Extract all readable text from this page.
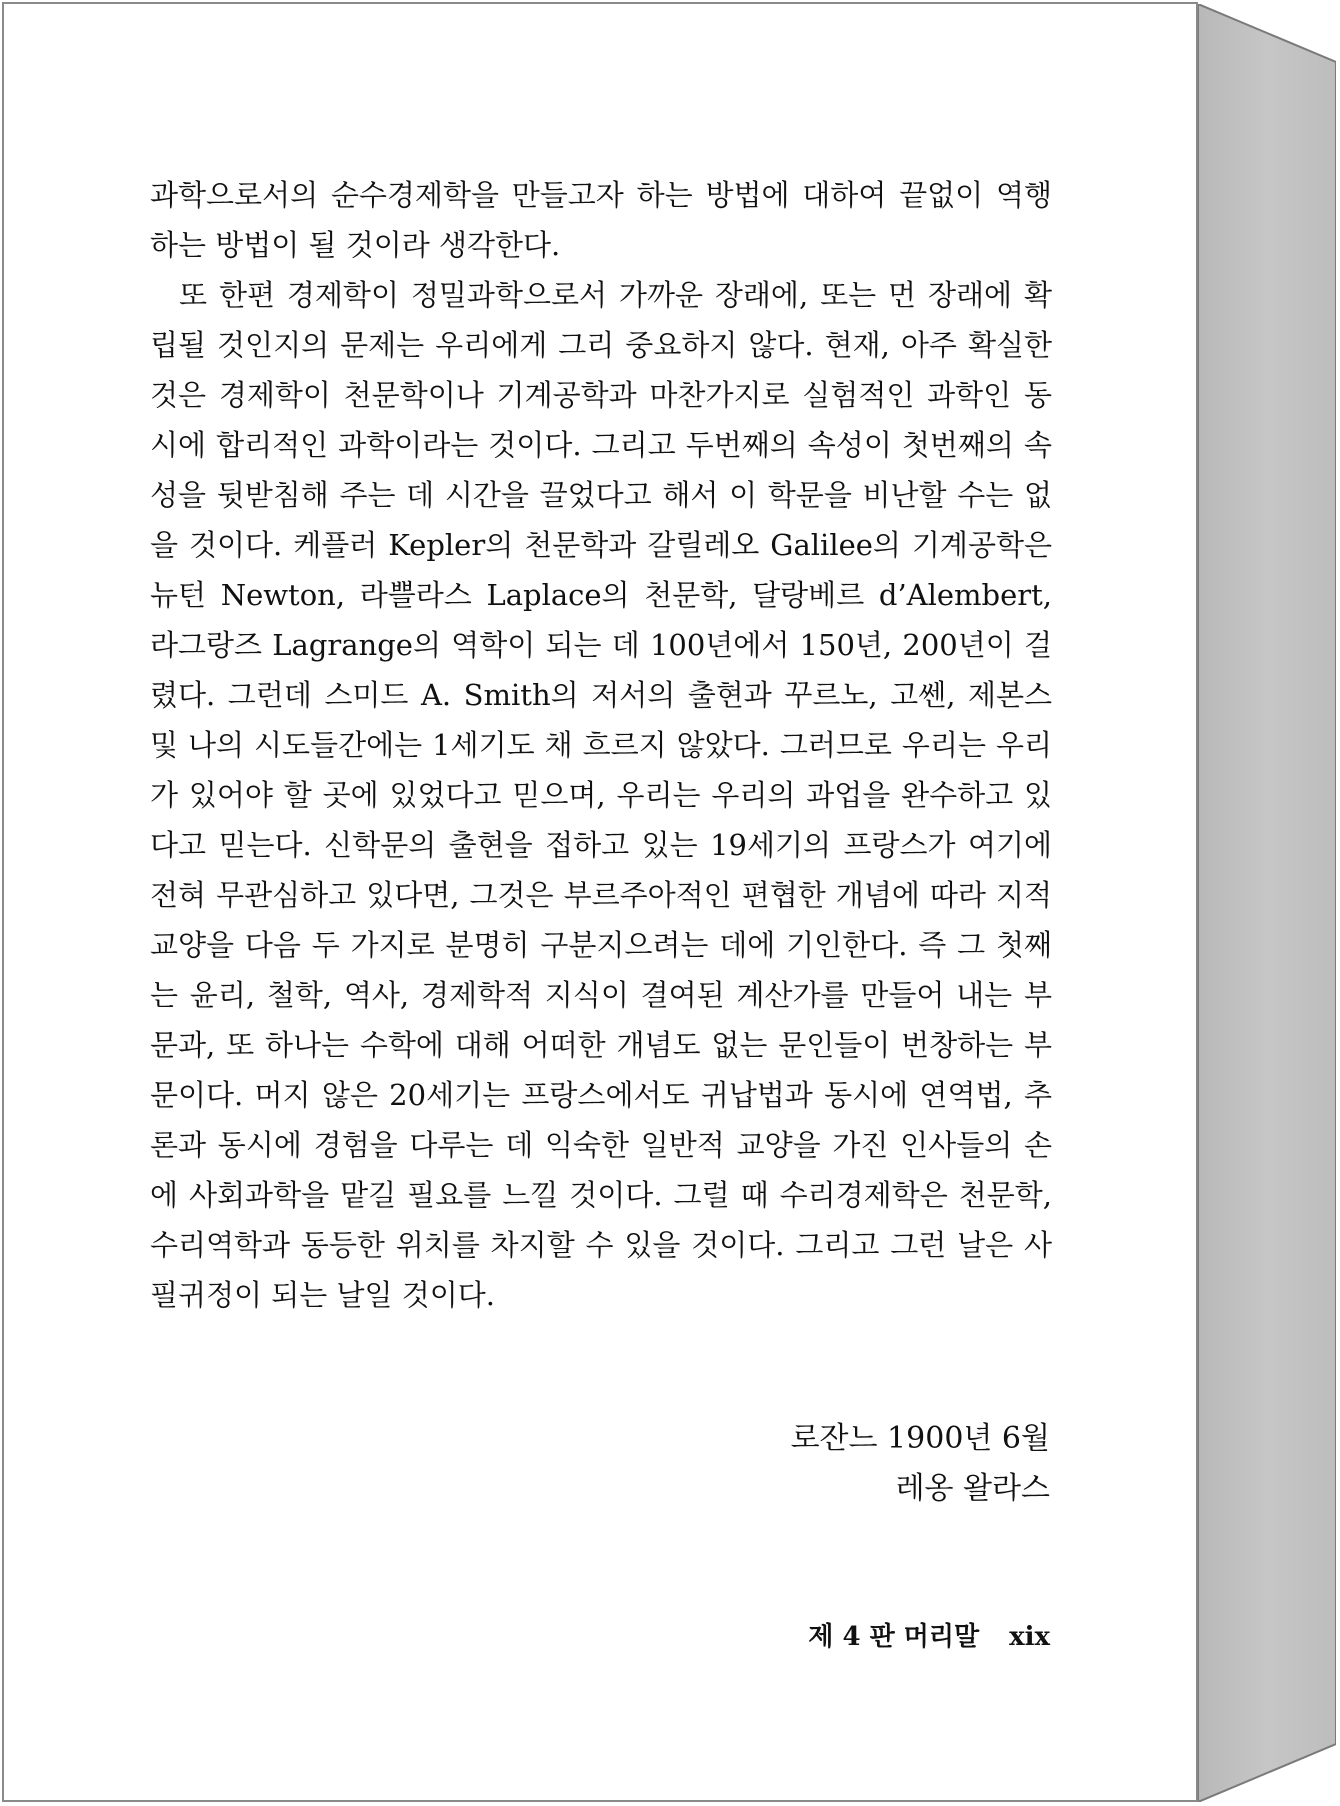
과학으로서의 순수경제학을 만들고자 하는 방법에 대하여 끝없이 역행하는 방법이 될 것이라 생각한다.

또 한편 경제학이 정밀과학으로서 가까운 장래에, 또는 먼 장래에 확립될 것인지의 문제는 우리에게 그리 중요하지 않다. 현재, 아주 확실한 것은 경제학이 천문학이나 기계공학과 마찬가지로 실험적인 과학인 동시에 합리적인 과학이라는 것이다. 그리고 두번째의 속성이 첫번째의 속성을 뒷받침해 주는 데 시간을 끌었다고 해서 이 학문을 비난할 수는 없을 것이다. 케플러 Kepler의 천문학과 갈릴레오 Galilee의 기계공학은 뉴턴 Newton, 라쁠라스 Laplace의 천문학, 달랑베르 d’Alembert, 라그랑즈 Lagrange의 역학이 되는 데 100년에서 150년, 200년이 걸렸다. 그런데 스미드 A. Smith의 저서의 출현과 꾸르노, 고쎈, 제본스 및 나의 시도들간에는 1세기도 채 흐르지 않았다. 그러므로 우리는 우리가 있어야 할 곳에 있었다고 믿으며, 우리는 우리의 과업을 완수하고 있다고 믿는다. 신학문의 출현을 접하고 있는 19세기의 프랑스가 여기에 전혀 무관심하고 있다면, 그것은 부르주아적인 편협한 개념에 따라 지적 교양을 다음 두 가지로 분명히 구분지으려는 데에 기인한다. 즉 그 첫째는 윤리, 철학, 역사, 경제학적 지식이 결여된 계산가를 만들어 내는 부문과, 또 하나는 수학에 대해 어떠한 개념도 없는 문인들이 번창하는 부문이다. 머지 않은 20세기는 프랑스에서도 귀납법과 동시에 연역법, 추론과 동시에 경험을 다루는 데 익숙한 일반적 교양을 가진 인사들의 손에 사회과학을 맡길 필요를 느낄 것이다. 그럴 때 수리경제학은 천문학, 수리역학과 동등한 위치를 차지할 수 있을 것이다. 그리고 그런 날은 사필귀정이 되는 날일 것이다.

로잔느 1900년 6월
레옹 왈라스
제 4 판 머리말 xix
